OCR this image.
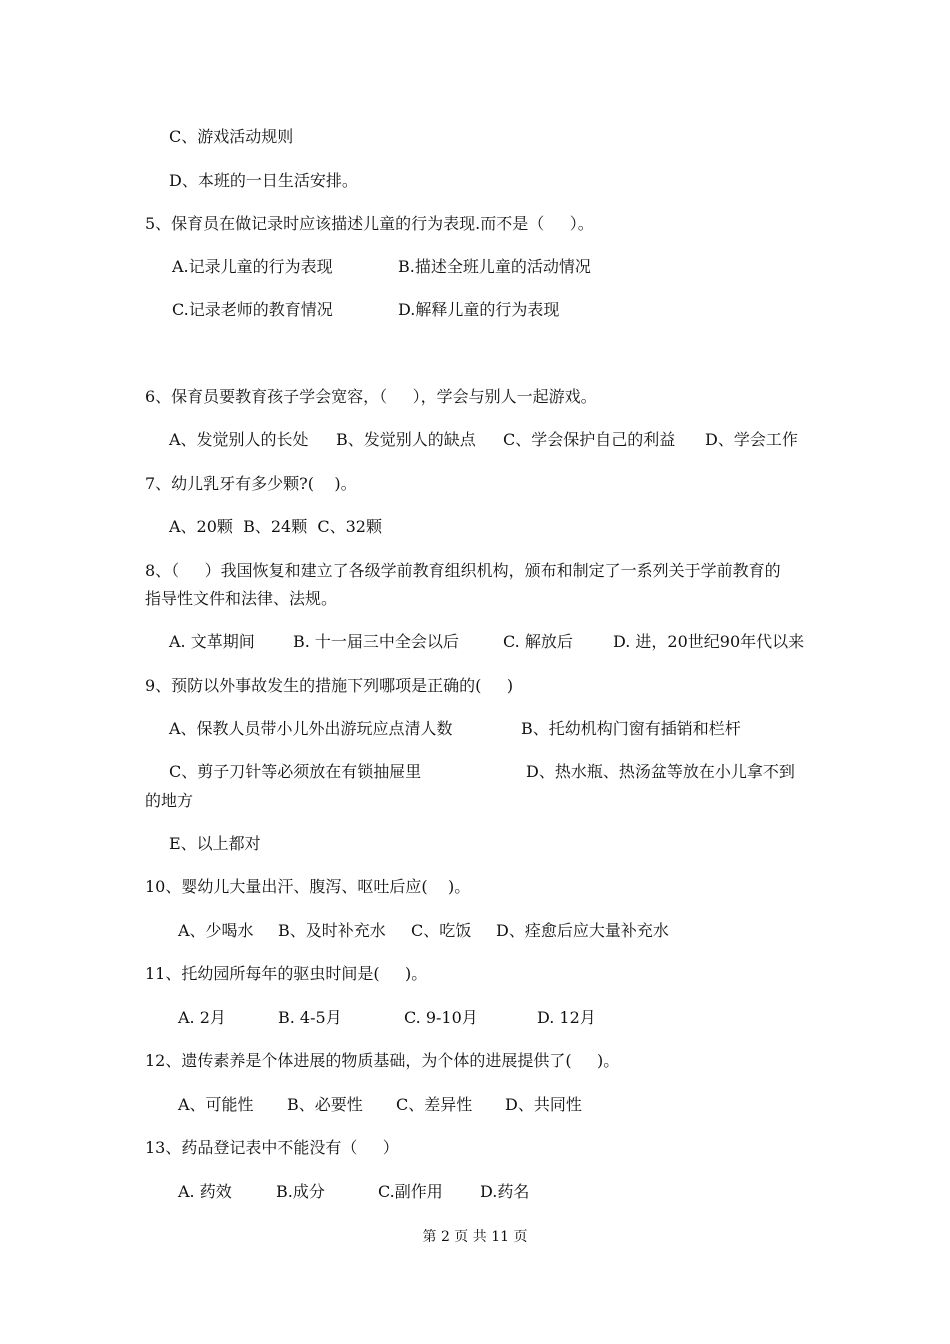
C、游戏活动规则
D、本班的一日生活安排。
5、保育员在做记录时应该描述儿童的行为表现.而不是（     ）。
A.记录儿童的行为表现	B.描述全班儿童的活动情况
C.记录老师的教育情况	D.解释儿童的行为表现
6、保育员要教育孩子学会宽容，（     ），学会与别人一起游戏。
A、发觉别人的长处 B、发觉别人的缺点 C、学会保护自己的利益 D、学会工作
7、幼儿乳牙有多少颗?(    )。
A、20颗  B、24颗  C、32颗
8、（     ）我国恢复和建立了各级学前教育组织机构，颁布和制定了一系列关于学前教育的
指导性文件和法律、法规。
A. 文革期间 B. 十一届三中全会以后	C. 解放后	D. 进，20世纪90年代以来
9、预防以外事故发生的措施下列哪项是正确的(     )
A、保教人员带小儿外出游玩应点清人数	B、托幼机构门窗有插销和栏杆
C、剪子刀针等必须放在有锁抽屉里	D、热水瓶、热汤盆等放在小儿拿不到
的地方
E、以上都对
10、婴幼儿大量出汗、腹泻、呕吐后应(    )。
A、少喝水 B、及时补充水 C、吃饭 D、痊愈后应大量补充水
11、托幼园所每年的驱虫时间是(     )。
A. 2月	B. 4-5月	C. 9-10月	D. 12月
12、遗传素养是个体进展的物质基础，为个体的进展提供了(     )。
A、可能性 B、必要性 C、差异性 D、共同性
13、药品登记表中不能没有（     ）
A. 药效	B.成分	C.副作用 D.药名
第 2 页 共 11 页
